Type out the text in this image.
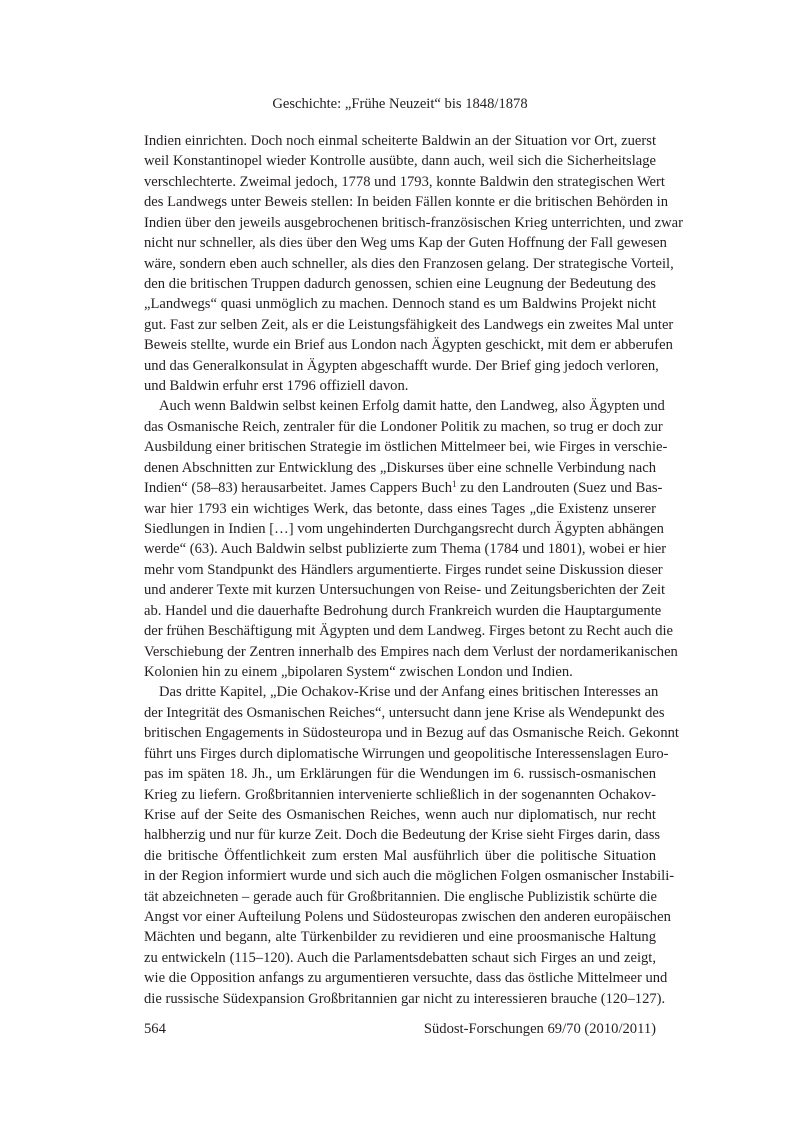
Geschichte: „Frühe Neuzeit“ bis 1848/1878
Indien einrichten. Doch noch einmal scheiterte Baldwin an der Situation vor Ort, zuerst
weil Konstantinopel wieder Kontrolle ausübte, dann auch, weil sich die Sicherheitslage
verschlechterte. Zweimal jedoch, 1778 und 1793, konnte Baldwin den strategischen Wert
des Landwegs unter Beweis stellen: In beiden Fällen konnte er die britischen Behörden in
Indien über den jeweils ausgebrochenen britisch-französischen Krieg unterrichten, und zwar
nicht nur schneller, als dies über den Weg ums Kap der Guten Hoffnung der Fall gewesen
wäre, sondern eben auch schneller, als dies den Franzosen gelang. Der strategische Vorteil,
den die britischen Truppen dadurch genossen, schien eine Leugnung der Bedeutung des
„Landwegs“ quasi unmöglich zu machen. Dennoch stand es um Baldwins Projekt nicht
gut. Fast zur selben Zeit, als er die Leistungsfähigkeit des Landwegs ein zweites Mal unter
Beweis stellte, wurde ein Brief aus London nach Ägypten geschickt, mit dem er abberufen
und das Generalkonsulat in Ägypten abgeschafft wurde. Der Brief ging jedoch verloren,
und Baldwin erfuhr erst 1796 offiziell davon.
Auch wenn Baldwin selbst keinen Erfolg damit hatte, den Landweg, also Ägypten und
das Osmanische Reich, zentraler für die Londoner Politik zu machen, so trug er doch zur
Ausbildung einer britischen Strategie im östlichen Mittelmeer bei, wie Firges in verschie-
denen Abschnitten zur Entwicklung des „Diskurses über eine schnelle Verbindung nach
Indien“ (58–83) herausarbeitet. James Cappers Buch$^1$ zu den Landrouten (Suez und Bas-
war hier 1793 ein wichtiges Werk, das betonte, dass eines Tages „die Existenz unserer
Siedlungen in Indien […] vom ungehinderten Durchgangsrecht durch Ägypten abhängen
werde“ (63). Auch Baldwin selbst publizierte zum Thema (1784 und 1801), wobei er hier
mehr vom Standpunkt des Händlers argumentierte. Firges rundet seine Diskussion dieser
und anderer Texte mit kurzen Untersuchungen von Reise- und Zeitungsberichten der Zeit
ab. Handel und die dauerhafte Bedrohung durch Frankreich wurden die Hauptargumente
der frühen Beschäftigung mit Ägypten und dem Landweg. Firges betont zu Recht auch die
Verschiebung der Zentren innerhalb des Empires nach dem Verlust der nordamerikanischen
Kolonien hin zu einem „bipolaren System“ zwischen London und Indien.
Das dritte Kapitel, „Die Ochakov-Krise und der Anfang eines britischen Interesses an
der Integrität des Osmanischen Reiches“, untersucht dann jene Krise als Wendepunkt des
britischen Engagements in Südosteuropa und in Bezug auf das Osmanische Reich. Gekonnt
führt uns Firges durch diplomatische Wirrungen und geopolitische Interessenslagen Euro-
pas im späten 18. Jh., um Erklärungen für die Wendungen im 6. russisch-osmanischen
Krieg zu liefern. Großbritannien intervenierte schließlich in der sogenannten Ochakov-
Krise auf der Seite des Osmanischen Reiches, wenn auch nur diplomatisch, nur recht
halbherzig und nur für kurze Zeit. Doch die Bedeutung der Krise sieht Firges darin, dass
die britische Öffentlichkeit zum ersten Mal ausführlich über die politische Situation
in der Region informiert wurde und sich auch die möglichen Folgen osmanischer Instabili-
tät abzeichneten – gerade auch für Großbritannien. Die englische Publizistik schürte die
Angst vor einer Aufteilung Polens und Südosteuropas zwischen den anderen europäischen
Mächten und begann, alte Türkenbilder zu revidieren und eine proosmanische Haltung
zu entwickeln (115–120). Auch die Parlamentsdebatten schaut sich Firges an und zeigt,
wie die Opposition anfangs zu argumentieren versuchte, dass das östliche Mittelmeer und
die russische Südexpansion Großbritannien gar nicht zu interessieren brauche (120–127).
564	Südost-Forschungen 69/70 (2010/2011)
